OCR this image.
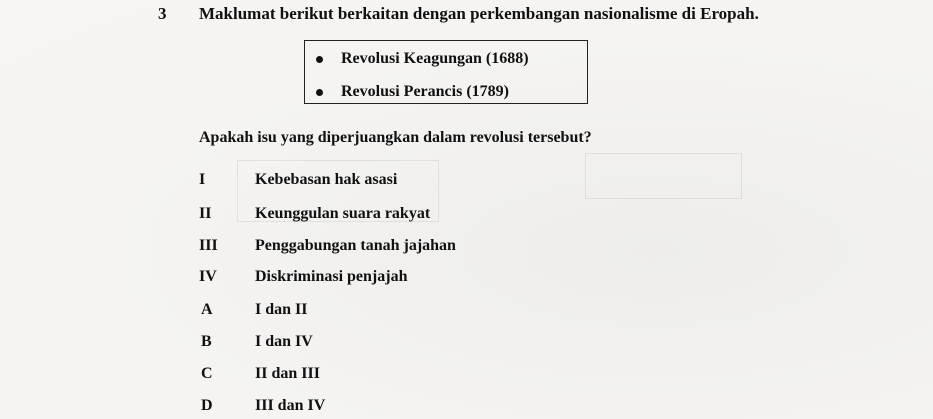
3 Maklumat berikut berkaitan dengan perkembangan nasionalisme di Eropah.
Revolusi Keagungan (1688)
Revolusi Perancis (1789)
Apakah isu yang diperjuangkan dalam revolusi tersebut?
I	Kebebasan hak asasi
II	Keunggulan suara rakyat
III Penggabungan tanah jajahan
IV Diskriminasi penjajah
A	I dan II
B	I dan IV
C	II dan III
D	III dan IV
